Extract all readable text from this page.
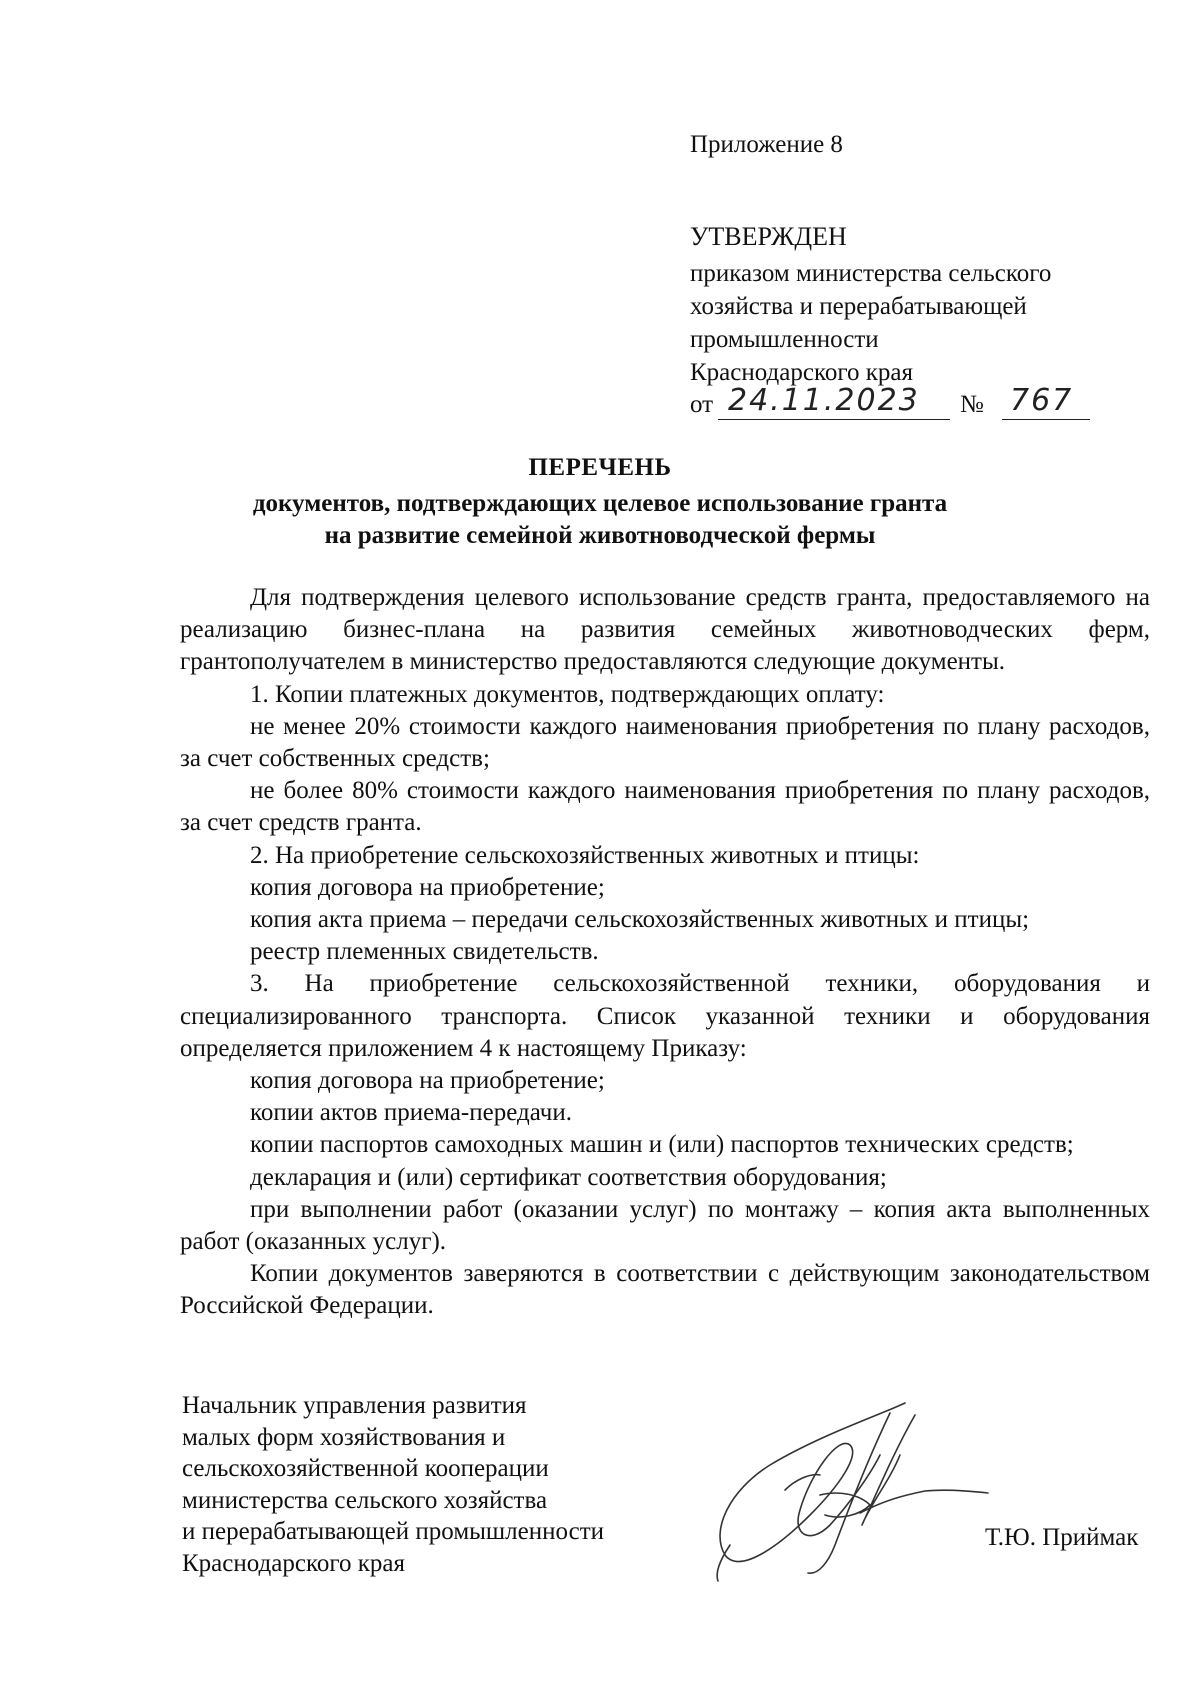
Приложение 8
УТВЕРЖДЕН
приказом министерства сельского
хозяйства и перерабатывающей
промышленности
Краснодарского края
от 24.11.2023 № 767
ПЕРЕЧЕНЬ
документов, подтверждающих целевое использование гранта
на развитие семейной животноводческой фермы

Для подтверждения целевого использование средств гранта, предоставляемого на реализацию бизнес-плана на развития семейных животноводческих ферм, грантополучателем в министерство предоставляются следующие документы.

1. Копии платежных документов, подтверждающих оплату:

не менее 20% стоимости каждого наименования приобретения по плану расходов, за счет собственных средств;

не более 80% стоимости каждого наименования приобретения по плану расходов, за счет средств гранта.

2. На приобретение сельскохозяйственных животных и птицы:

копия договора на приобретение;

копия акта приема – передачи сельскохозяйственных животных и птицы;

реестр племенных свидетельств.

3. На приобретение сельскохозяйственной техники, оборудования и специализированного транспорта. Список указанной техники и оборудования определяется приложением 4 к настоящему Приказу:

копия договора на приобретение;

копии актов приема-передачи.

копии паспортов самоходных машин и (или) паспортов технических средств;

декларация и (или) сертификат соответствия оборудования;

при выполнении работ (оказании услуг) по монтажу – копия акта выполненных работ (оказанных услуг).

Копии документов заверяются в соответствии с действующим законодательством Российской Федерации.

Начальник управления развития
малых форм хозяйствования и
сельскохозяйственной кооперации
министерства сельского хозяйства
и перерабатывающей промышленности
Краснодарского края
Т.Ю. Приймак
